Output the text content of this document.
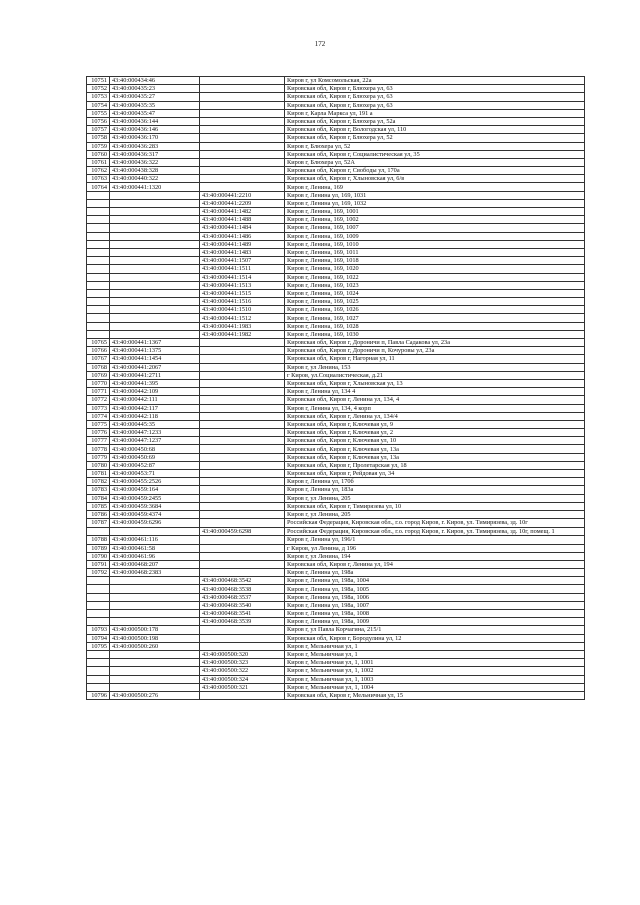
172
10751	43:40:000434:46		Киров г, ул Комсомольская, 22а
10752	43:40:000435:23		Кировская обл, Киров г, Блюхера ул, 63
10753	43:40:000435:27		Кировская обл, Киров г, Блюхера ул, 63
10754	43:40:000435:35		Кировская обл, Киров г, Блюхера ул, 63
10755	43:40:000435:47		Киров г, Карла Маркса ул, 191 а
10756	43:40:000436:144		Кировская обл, Киров г, Блюхера ул, 52а
10757	43:40:000436:146		Кировская обл, Киров г, Вологодская ул, 110
10758	43:40:000436:170		Кировская обл, Киров г, Блюхера ул, 52
10759	43:40:000436:283		Киров г, Блюхера ул, 52
10760	43:40:000436:317		Кировская обл, Киров г, Социалистическая ул, 35
10761	43:40:000436:322		Киров г, Блюхера ул, 52А
10762	43:40:000438:328		Кировская обл, Киров г, Свободы ул, 170а
10763	43:40:000440:322		Кировская обл, Киров г, Хлыновская ул, 6/в
10764	43:40:000441:1320		Киров г, Ленина, 169
		43:40:000441:2210	Киров г, Ленина ул, 169, 1031
		43:40:000441:2209	Киров г, Ленина ул, 169, 1032
		43:40:000441:1482	Киров г, Ленина, 169, 1001
		43:40:000441:1488	Киров г, Ленина, 169, 1002
		43:40:000441:1484	Киров г, Ленина, 169, 1007
		43:40:000441:1486	Киров г, Ленина, 169, 1009
		43:40:000441:1489	Киров г, Ленина, 169, 1010
		43:40:000441:1483	Киров г, Ленина, 169, 1011
		43:40:000441:1507	Киров г, Ленина, 169, 1018
		43:40:000441:1511	Киров г, Ленина, 169, 1020
		43:40:000441:1514	Киров г, Ленина, 169, 1022
		43:40:000441:1513	Киров г, Ленина, 169, 1023
		43:40:000441:1515	Киров г, Ленина, 169, 1024
		43:40:000441:1516	Киров г, Ленина, 169, 1025
		43:40:000441:1510	Киров г, Ленина, 169, 1026
		43:40:000441:1512	Киров г, Ленина, 169, 1027
		43:40:000441:1983	Киров г, Ленина, 169, 1028
		43:40:000441:1982	Киров г, Ленина, 169, 1030
10765	43:40:000441:1367		Кировская обл, Киров г, Дороничи п, Павла Садакова ул, 23а
10766	43:40:000441:1375		Кировская обл, Киров г, Дороничи п, Кочуровы ул, 23а
10767	43:40:000441:1454		Кировская обл, Киров г, Нагорная ул, 11
10768	43:40:000441:2067		Киров г, ул Ленина, 153
10769	43:40:000441:2711		г Киров, ул.Социалистическая, д.21
10770	43:40:000441:395		Кировская обл, Киров г, Хлыновская ул, 13
10771	43:40:000442:109		Киров г, Ленина ул, 134 4
10772	43:40:000442:111		Кировская обл, Киров г, Ленина ул, 134, 4
10773	43:40:000442:117		Киров г, Ленина ул, 134, 4 корп
10774	43:40:000442:118		Кировская обл, Киров г, Ленина ул, 134/4
10775	43:40:000445:35		Кировская обл, Киров г, Ключевая ул, 9
10776	43:40:000447:1233		Кировская обл, Киров г, Ключевая ул, 2
10777	43:40:000447:1237		Кировская обл, Киров г, Ключевая ул, 10
10778	43:40:000450:68		Кировская обл, Киров г, Ключевая ул, 13а
10779	43:40:000450:69		Кировская обл, Киров г, Ключевая ул, 13а
10780	43:40:000452:87		Кировская обл, Киров г, Пролетарская ул, 18
10781	43:40:000453:71		Кировская обл, Киров г, Рейдовая ул, 34
10782	43:40:000455:2526		Киров г, Ленина ул, 170б
10783	43:40:000459:164		Киров г, Ленина ул, 183а
10784	43:40:000459:2455		Киров г, ул Ленина, 205
10785	43:40:000459:3684		Кировская обл, Киров г, Тимирязева ул, 10
10786	43:40:000459:4374		Киров г, ул Ленина, 205
10787	43:40:000459:6296		Российская Федерация, Кировская обл., г.о. город Киров, г. Киров, ул. Тимирязева, зд. 10г
		43:40:000459:6298	Российская Федерация, Кировская обл., г.о. город Киров, г. Киров, ул. Тимирязева, зд. 10г, помещ. 1
10788	43:40:000461:116		Киров г, Ленина ул, 196/1
10789	43:40:000461:58		г Киров, ул Ленина, д 196
10790	43:40:000461:96		Киров г, ул Ленина, 194
10791	43:40:000468:207		Кировская обл, Киров г, Ленина ул, 194
10792	43:40:000468:2383		Киров г, Ленина ул, 198а
		43:40:000468:3542	Киров г, Ленина ул, 198а, 1004
		43:40:000468:3538	Киров г, Ленина ул, 198а, 1005
		43:40:000468:3537	Киров г, Ленина ул, 198а, 1006
		43:40:000468:3540	Киров г, Ленина ул, 198а, 1007
		43:40:000468:3541	Киров г, Ленина ул, 198а, 1008
		43:40:000468:3539	Киров г, Ленина ул, 198а, 1009
10793	43:40:000500:178		Киров г, ул Павла Корчагина, 215/1
10794	43:40:000500:198		Кировская обл, Киров г, Бородулина ул, 12
10795	43:40:000500:260		Киров г, Мельничная ул, 1
		43:40:000500:320	Киров г, Мельничная ул, 1
		43:40:000500:323	Киров г, Мельничная ул, 1, 1001
		43:40:000500:322	Киров г, Мельничная ул, 1, 1002
		43:40:000500:324	Киров г, Мельничная ул, 1, 1003
		43:40:000500:321	Киров г, Мельничная ул, 1, 1004
10796	43:40:000500:276		Кировская обл, Киров г, Мельничная ул, 15
